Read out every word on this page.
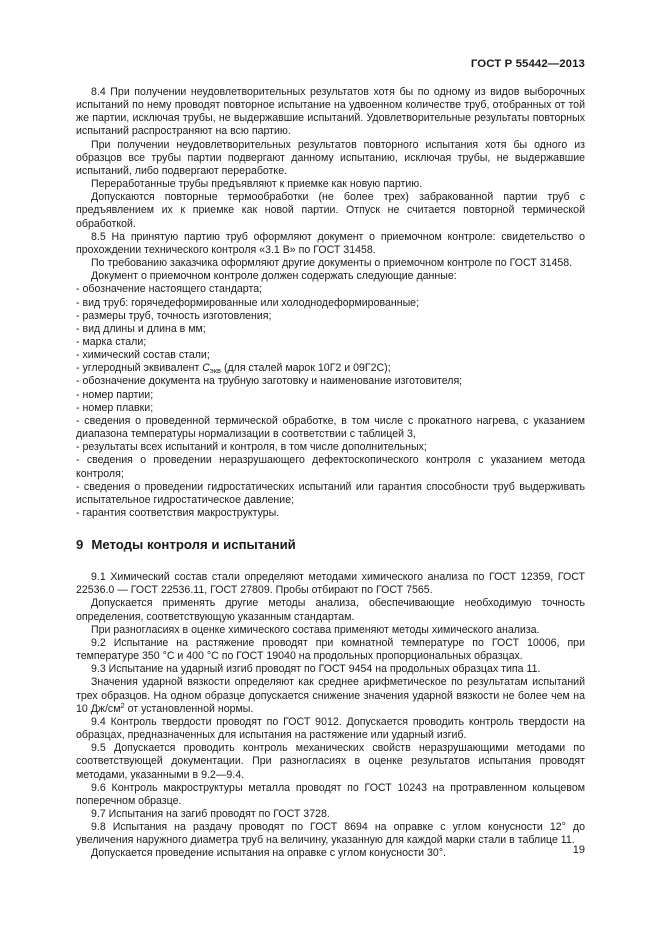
ГОСТ Р 55442—2013

8.4 При получении неудовлетворительных результатов хотя бы по одному из видов выборочных испытаний по нему проводят повторное испытание на удвоенном количестве труб, отобранных от той же партии, исключая трубы, не выдержавшие испытаний. Удовлетворительные результаты повторных испытаний распространяют на всю партию.

При получении неудовлетворительных результатов повторного испытания хотя бы одного из образцов все трубы партии подвергают данному испытанию, исключая трубы, не выдержавшие испытаний, либо подвергают переработке.

Переработанные трубы предъявляют к приемке как новую партию.

Допускаются повторные термообработки (не более трех) забракованной партии труб с предъявлением их к приемке как новой партии. Отпуск не считается повторной термической обработкой.

8.5 На принятую партию труб оформляют документ о приемочном контроле: свидетельство о прохождении технического контроля «3.1 В» по ГОСТ 31458.

По требованию заказчика оформляют другие документы о приемочном контроле по ГОСТ 31458.

Документ о приемочном контроле должен содержать следующие данные:

- обозначение настоящего стандарта;

- вид труб: горячедеформированные или холоднодеформированные;

- размеры труб, точность изготовления;

- вид длины и длина в мм;

- марка стали;

- химический состав стали;

- углеродный эквивалент $С_{экв}$ (для сталей марок 10Г2 и 09Г2С);

- обозначение документа на трубную заготовку и наименование изготовителя;

- номер партии;

- номер плавки;

- сведения о проведенной термической обработке, в том числе с прокатного нагрева, с указанием диапазона температуры нормализации в соответствии с таблицей 3,

- результаты всех испытаний и контроля, в том числе дополнительных;

- сведения о проведении неразрушающего дефектоскопического контроля с указанием метода контроля;

- сведения о проведении гидростатических испытаний или гарантия способности труб выдерживать испытательное гидростатическое давление;

- гарантия соответствия макроструктуры.

9 Методы контроля и испытаний

9.1 Химический состав стали определяют методами химического анализа по ГОСТ 12359, ГОСТ 22536.0 — ГОСТ 22536.11, ГОСТ 27809. Пробы отбирают по ГОСТ 7565.

Допускается применять другие методы анализа, обеспечивающие необходимую точность определения, соответствующую указанным стандартам.

При разногласиях в оценке химического состава применяют методы химического анализа.

9.2 Испытание на растяжение проводят при комнатной температуре по ГОСТ 10006, при температуре 350 °С и 400 °С по ГОСТ 19040 на продольных пропорциональных образцах.

9.3 Испытание на ударный изгиб проводят по ГОСТ 9454 на продольных образцах типа 11.

Значения ударной вязкости определяют как среднее арифметическое по результатам испытаний трех образцов. На одном образце допускается снижение значения ударной вязкости не более чем на 10 $Дж/см^2$ от установленной нормы.

9.4 Контроль твердости проводят по ГОСТ 9012. Допускается проводить контроль твердости на образцах, предназначенных для испытания на растяжение или ударный изгиб.

9.5 Допускается проводить контроль механических свойств неразрушающими методами по соответствующей документации. При разногласиях в оценке результатов испытания проводят методами, указанными в 9.2—9.4.

9.6 Контроль макроструктуры металла проводят по ГОСТ 10243 на протравленном кольцевом поперечном образце.

9.7 Испытания на загиб проводят по ГОСТ 3728.

9.8 Испытания на раздачу проводят по ГОСТ 8694 на оправке с углом конусности 12° до увеличения наружного диаметра труб на величину, указанную для каждой марки стали в таблице 11.

Допускается проведение испытания на оправке с углом конусности 30°.	19
